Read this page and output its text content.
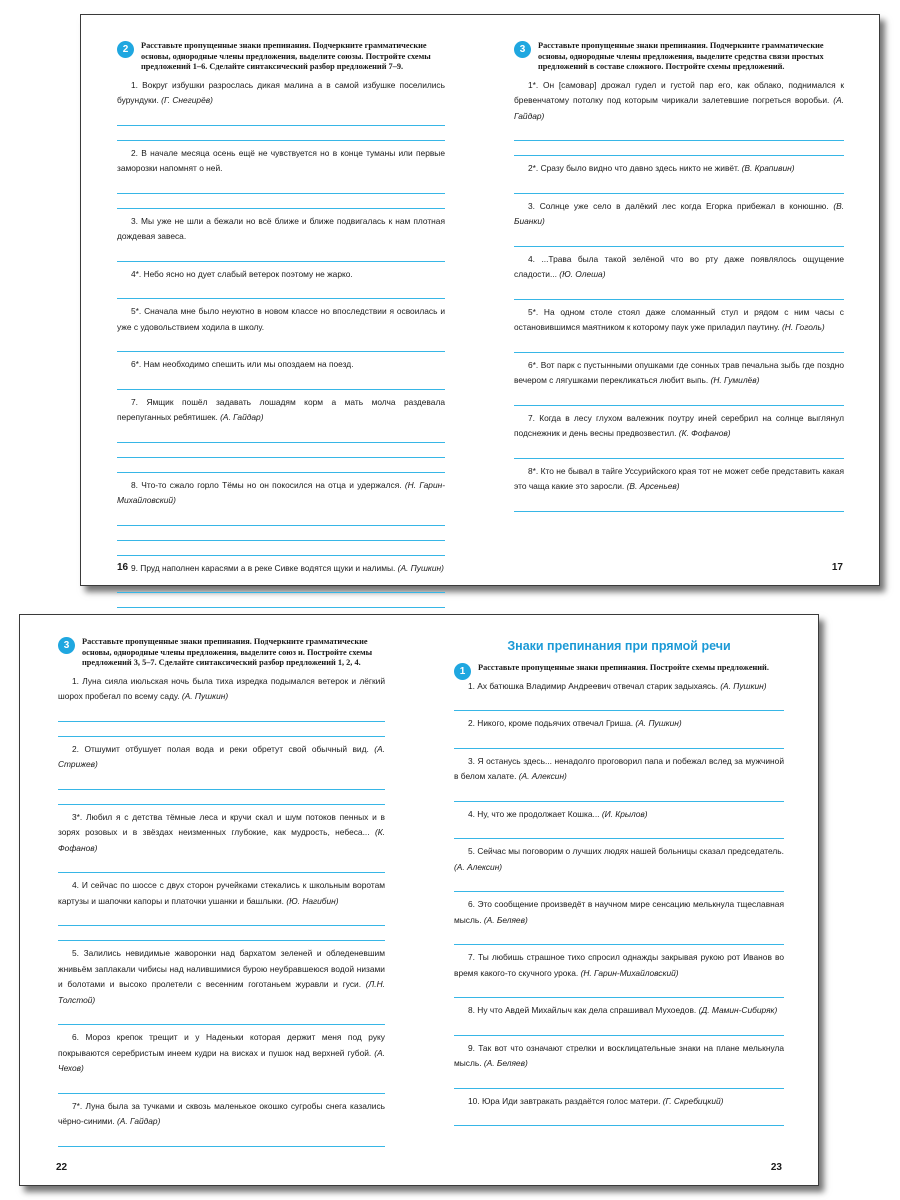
2	Расставьте пропущенные знаки препинания. Подчеркните грамматические основы, однородные члены предложения, выделите союзы. Постройте схемы предложений 1–6. Сделайте синтаксический разбор предложений 7–9.
1. Вокруг избушки разрослась дикая малина а в самой избушке поселились бурундуки. (Г. Снегирёв)
2. В начале месяца осень ещё не чувствуется но в конце туманы или первые заморозки напомнят о ней.
3. Мы уже не шли а бежали но всё ближе и ближе подвигалась к нам плотная дождевая завеса.
4*. Небо ясно но дует слабый ветерок поэтому не жарко.
5*. Сначала мне было неуютно в новом классе но впоследствии я освоилась и уже с удовольствием ходила в школу.
6*. Нам необходимо спешить или мы опоздаем на поезд.
7. Ямщик пошёл задавать лошадям корм а мать молча раздевала перепуганных ребятишек. (А. Гайдар)
8. Что-то сжало горло Тёмы но он покосился на отца и удержался. (Н. Гарин-Михайловский)
9. Пруд наполнен карасями а в реке Сивке водятся щуки и налимы. (А. Пушкин)
3	Расставьте пропущенные знаки препинания. Подчеркните грамматические основы, однородные члены предложения, выделите средства связи простых предложений в составе сложного. Постройте схемы предложений.
1*. Он [самовар] дрожал гудел и густой пар его, как облако, поднимался к бревенчатому потолку под которым чирикали залетевшие погреться воробьи. (А. Гайдар)
2*. Сразу было видно что давно здесь никто не живёт. (В. Крапивин)
3. Солнце уже село в далёкий лес когда Егорка прибежал в конюшню. (В. Бианки)
4. ...Трава была такой зелёной что во рту даже появлялось ощущение сладости... (Ю. Олеша)
5*. На одном столе стоял даже сломанный стул и рядом с ним часы с остановившимся маятником к которому паук уже приладил паутину. (Н. Гоголь)
6*. Вот парк с пустынными опушками где сонных трав печальна зыбь где поздно вечером с лягушками перекликаться любит выпь. (Н. Гумилёв)
7. Когда в лесу глухом валежник поутру иней серебрил на солнце выглянул подснежник и день весны предвозвестил. (К. Фофанов)
8*. Кто не бывал в тайге Уссурийского края тот не может себе представить какая это чаща какие это заросли. (В. Арсеньев)
16	17
3	Расставьте пропущенные знаки препинания. Подчеркните грамматические основы, однородные члены предложения, выделите союз и. Постройте схемы предложений 3, 5–7. Сделайте синтаксический разбор предложений 1, 2, 4.
1. Луна сияла июльская ночь была тиха изредка подымался ветерок и лёгкий шорох пробегал по всему саду. (А. Пушкин)
2. Отшумит отбушует полая вода и реки обретут свой обычный вид. (А. Стрижев)
3*. Любил я с детства тёмные леса и кручи скал и шум потоков пенных и в зорях розовых и в звёздах неизменных глубокие, как мудрость, небеса... (К. Фофанов)
4. И сейчас по шоссе с двух сторон ручейками стекались к школьным воротам картузы и шапочки капоры и платочки ушанки и башлыки. (Ю. Нагибин)
5. Залились невидимые жаворонки над бархатом зеленей и обледеневшим жнивьём заплакали чибисы над налившимися бурою неубравшеюся водой низами и болотами и высоко пролетели с весенним гоготаньем журавли и гуси. (Л.Н. Толстой)
6. Мороз крепок трещит и у Наденьки которая держит меня под руку покрываются серебристым инеем кудри на висках и пушок над верхней губой. (А. Чехов)
7*. Луна была за тучками и сквозь маленькое окошко сугробы снега казались чёрно-синими. (А. Гайдар)
Знаки препинания при прямой речи
1	Расставьте пропущенные знаки препинания. Постройте схемы предложений.
1. Ах батюшка Владимир Андреевич отвечал старик задыхаясь. (А. Пушкин)
2. Никого, кроме подьячих отвечал Гриша. (А. Пушкин)
3. Я останусь здесь... ненадолго проговорил папа и побежал вслед за мужчиной в белом халате. (А. Алексин)
4. Ну, что же продолжает Кошка... (И. Крылов)
5. Сейчас мы поговорим о лучших людях нашей больницы сказал председатель. (А. Алексин)
6. Это сообщение произведёт в научном мире сенсацию мелькнула тщеславная мысль. (А. Беляев)
7. Ты любишь страшное тихо спросил однажды закрывая рукою рот Иванов во время какого-то скучного урока. (Н. Гарин-Михайловский)
8. Ну что Авдей Михайлыч как дела спрашивал Мухоедов. (Д. Мамин-Сибиряк)
9. Так вот что означают стрелки и восклицательные знаки на плане мелькнула мысль. (А. Беляев)
10. Юра Иди завтракать раздаётся голос матери. (Г. Скребицкий)
22	23
